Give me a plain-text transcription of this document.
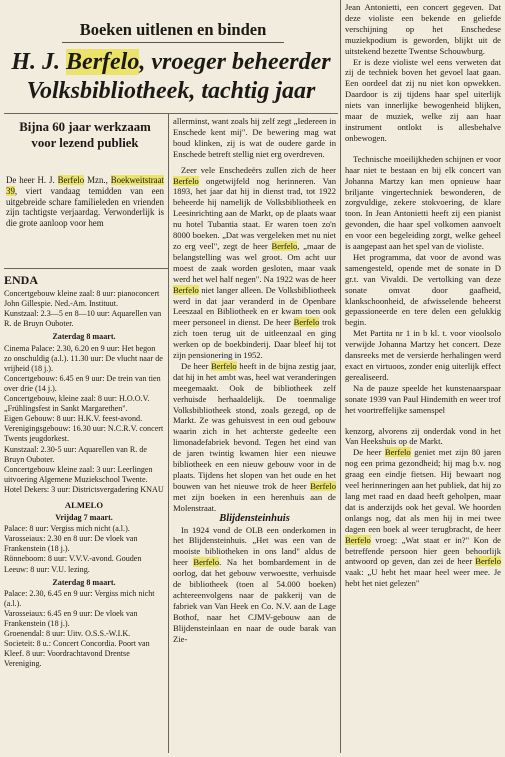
Boeken uitlenen en binden
H. J. Berfelo, vroeger beheerder
Volksbibliotheek, tachtig jaar
Bijna 60 jaar werkzaam voor lezend publiek
De heer H. J. Berfelo Mzn., Boekweitstraat 39, viert vandaag temidden van een uitgebreide schare familieleden en vrienden zijn tachtigste verjaardag. Verwonderlijk is die grote aanloop voor hem

ENDA

Concertgebouw kleine zaal: 8 uur: pianoconcert John Gillespie. Ned.-Am. Instituut.

Kunstzaal: 2.3—5 en 8—10 uur: Aquarellen van R. de Bruyn Ouboter.

Zaterdag 8 maart.

Cinema Palace: 2.30, 6.20 en 9 uur: Het begon zo onschuldig (a.l.). 11.30 uur: De vlucht naar de vrijheid (18 j.).

Concertgebouw: 6.45 en 9 uur: De trein van tien over drie (14 j.).

Concertgebouw, kleine zaal: 8 uur: H.O.O.V. „Frühlingsfest in Sankt Margarethen".

Eigen Gebouw: 8 uur: H.K.V. feest-avond.

Verenigingsgebouw: 16.30 uur: N.C.R.V. concert Twents jeugdorkest.

Kunstzaal: 2.30-5 uur: Aquarellen van R. de Bruyn Ouboter.

Concertgebouw kleine zaal: 3 uur: Leerlingen uitvoering Algemene Muziekschool Twente.

Hotel Dekers: 3 uur: Districtsvergadering KNAU

ALMELO

Vrijdag 7 maart.

Palace: 8 uur: Vergiss mich nicht (a.l.).

Varosseiaux: 2.30 en 8 uur: De vloek van Frankenstein (18 j.).

Rönneboom: 8 uur: V.V.V.-avond. Gouden Leeuw: 8 uur: V.U. lezing.

Zaterdag 8 maart.

Palace: 2.30, 6.45 en 9 uur: Vergiss mich nicht (a.l.).

Varosseiaux: 6.45 en 9 uur: De vloek van Frankenstein (18 j.).

Groenendal: 8 uur: Uitv. O.S.S.-W.I.K.

Societeit: 8 u.: Concert Concordia. Poort van Kleef. 8 uur: Voordrachtavond Drentse Vereniging.

allerminst, want zoals hij zelf zegt „Iedereen in Enschede kent mij". De bewering mag wat boud klinken, zij is wat de oudere garde in Enschede betreft stellig niet erg overdreven.

Zeer vele Enschedeërs zullen zich de heer Berfelo ongetwijfeld nog herinneren. Van 1893, het jaar dat hij in dienst trad, tot 1922 beheerde hij namelijk de Volksbibliotheek en Leesinrichting aan de Markt, op de plaats waar nu hotel Tubantia staat. Er waren toen zo'n 8000 boeken. „Dat was vergeleken met nu niet zo erg veel", zegt de heer Berfelo, „maar de belangstelling was wel groot. Om acht uur moest de zaak worden gesloten, maar vaak werd het wel half negen". Na 1922 was de heer Berfelo niet langer alleen. De Volksbibliotheek werd in dat jaar veranderd in de Openbare Leeszaal en Bibliotheek en er kwam toen ook meer personeel in dienst. De heer Berfelo trok zich toen terug uit de uitleenzaal en ging werken op de boekbinderij. Daar bleef hij tot zijn pensionering in 1952.

De heer Berfelo heeft in de bijna zestig jaar, dat hij in het ambt was, heel wat veranderingen meegemaakt. Ook de bibliotheek zelf verhuisde herhaaldelijk. De toenmalige Volksbibliotheek stond, zoals gezegd, op de Markt. Ze was gehuisvest in een oud gebouw waarin zich in het achterste gedeelte een limonadefabriek bevond. Tegen het eind van de jaren twintig kwamen hier een nieuwe bibliotheek en een nieuw gebouw voor in de plaats. Tijdens het slopen van het oude en het bouwen van het nieuwe trok de heer Berfelo met zijn boeken in een herenhuis aan de Molenstraat.

Blijdensteinhuis

In 1924 vond de OLB een onderkomen in het Blijdensteinhuis. „Het was een van de mooiste bibliotheken in ons land" aldus de heer Berfelo. Na het bombardement in de oorlog, dat het gebouw verwoestte, verhuisde de bibliotheek (toen al 54.000 boeken) achtereenvolgens naar de pakkerij van de fabriek van Van Heek en Co. N.V. aan de Lage Bothof, naar het CJMV-gebouw aan de Blijdensteinlaan en naar de oude barak van Zie-

Jean Antonietti, een concert gegeven. Dat deze violiste een bekende en geliefde verschijning op het Enschedese muziekpodium is geworden, blijkt uit de uitstekend bezette Twentse Schouwburg.

Er is deze violiste wel eens verweten dat zij de techniek boven het gevoel laat gaan. Een oordeel dat zij nu niet kon opwekken. Daardoor is zij tijdens haar spel uiterlijk niets van innerlijke bewogenheid blijken, maar de muziek, welke zij aan haar instrument ontlokt is allesbehalve onbewogen.

Technische moeilijkheden schijnen er voor haar niet te bestaan en bij elk concert van Johanna Martzy kan men opnieuw haar briljante vingertechniek bewonderen, de zorgvuldige, zekere stokvoering, de klare toon. In Jean Antonietti heeft zij een pianist gevonden, die haar spel volkomen aanvoelt en voor een begeleiding zorgt, welke geheel is aangepast aan het spel van de violiste.

Het programma, dat voor de avond was samengesteld, opende met de sonate in D gr.t. van Vivaldi. De vertolking van deze sonate omvat door gaafheid, klankschoonheid, de afwisselende beheerst gepassioneerde en tere delen een gelukkig begin.

Met Partita nr 1 in b kl. t. voor vioolsolo verwijde Johanna Martzy het concert. Deze dansreeks met de versierde herhalingen werd exact en virtuoos, zonder enig uiterlijk effect gerealiseerd.

Na de pauze speelde het kunstenaarspaar sonate 1939 van Paul Hindemith en weer trof het voortreffelijke samenspel

kenzorg, alvorens zij onderdak vond in het Van Heekshuis op de Markt.

De heer Berfelo geniet met zijn 80 jaren nog een prima gezondheid; hij mag b.v. nog graag een eindje fietsen. Hij bewaart nog veel herinneringen aan het publiek, dat hij zo lang met raad en daad heeft geholpen, maar dat is anderzijds ook het geval. We hoorden onlangs nog, dat als men hij in mei twee dagen een boek al weer terugbracht, de heer Berfelo vroeg: „Wat staat er in?" Kon de betreffende persoon hier geen behoorlijk antwoord op geven, dan zei de heer Berfelo vaak: „U hebt het maar heel weer mee. Je hebt het niet gelezen"
